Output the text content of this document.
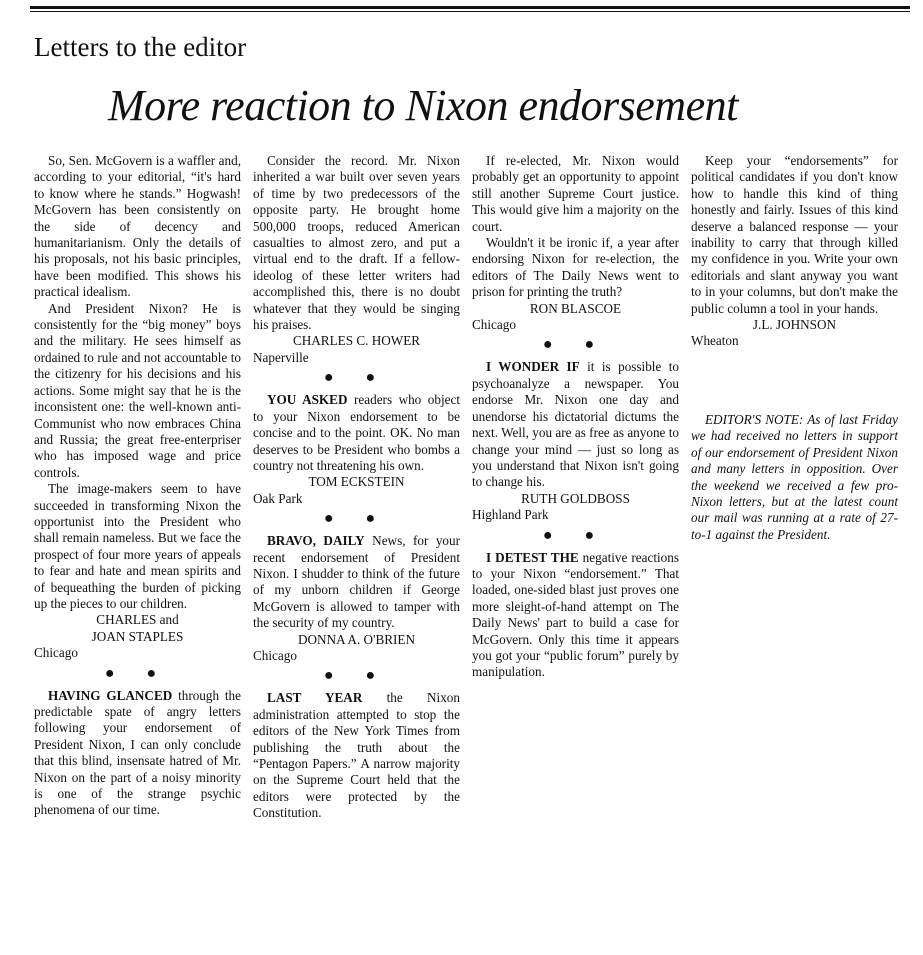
Letters to the editor
More reaction to Nixon endorsement

So, Sen. McGovern is a waffler and, according to your editorial, “it's hard to know where he stands.” Hogwash! McGovern has been consistently on the side of decency and humanitarianism. Only the details of his proposals, not his basic principles, have been modified. This shows his practical idealism.

And President Nixon? He is consistently for the “big money” boys and the military. He sees himself as ordained to rule and not accountable to the citizenry for his decisions and his actions. Some might say that he is the inconsistent one: the well-known anti-Communist who now embraces China and Russia; the great free-enterpriser who has imposed wage and price controls.

The image-makers seem to have succeeded in transforming Nixon the opportunist into the President who shall remain nameless. But we face the prospect of four more years of appeals to fear and hate and mean spirits and of bequeathing the burden of picking up the pieces to our children.

CHARLES and

JOAN STAPLES

Chicago

● ●

HAVING GLANCED through the predictable spate of angry letters following your endorsement of President Nixon, I can only conclude that this blind, insensate hatred of Mr. Nixon on the part of a noisy minority is one of the strange psychic phenomena of our time.

Consider the record. Mr. Nixon inherited a war built over seven years of time by two predecessors of the opposite party. He brought home 500,000 troops, reduced American casualties to almost zero, and put a virtual end to the draft. If a fellow-ideolog of these letter writers had accomplished this, there is no doubt whatever that they would be singing his praises.

CHARLES C. HOWER

Naperville

● ●

YOU ASKED readers who object to your Nixon endorsement to be concise and to the point. OK. No man deserves to be President who bombs a country not threatening his own.

TOM ECKSTEIN

Oak Park

● ●

BRAVO, DAILY News, for your recent endorsement of President Nixon. I shudder to think of the future of my unborn children if George McGovern is allowed to tamper with the security of my country.

DONNA A. O'BRIEN

Chicago

● ●

LAST YEAR the Nixon administration attempted to stop the editors of the New York Times from publishing the truth about the “Pentagon Papers.” A narrow majority on the Supreme Court held that the editors were protected by the Constitution.

If re-elected, Mr. Nixon would probably get an opportunity to appoint still another Supreme Court justice. This would give him a majority on the court.

Wouldn't it be ironic if, a year after endorsing Nixon for re-election, the editors of The Daily News went to prison for printing the truth?

RON BLASCOE

Chicago

● ●

I WONDER IF it is possible to psychoanalyze a newspaper. You endorse Mr. Nixon one day and unendorse his dictatorial dictums the next. Well, you are as free as anyone to change your mind — just so long as you understand that Nixon isn't going to change his.

RUTH GOLDBOSS

Highland Park

● ●

I DETEST THE negative reactions to your Nixon “endorsement.” That loaded, one-sided blast just proves one more sleight-of-hand attempt on The Daily News' part to build a case for McGovern. Only this time it appears you got your “public forum” purely by manipulation.

Keep your “endorsements” for political candidates if you don't know how to handle this kind of thing honestly and fairly. Issues of this kind deserve a balanced response — your inability to carry that through killed my confidence in you. Write your own editorials and slant anyway you want to in your columns, but don't make the public column a tool in your hands.

J.L. JOHNSON

Wheaton

EDITOR'S NOTE: As of last Friday we had received no letters in support of our endorsement of President Nixon and many letters in opposition. Over the weekend we received a few pro-Nixon letters, but at the latest count our mail was running at a rate of 27-to-1 against the President.
